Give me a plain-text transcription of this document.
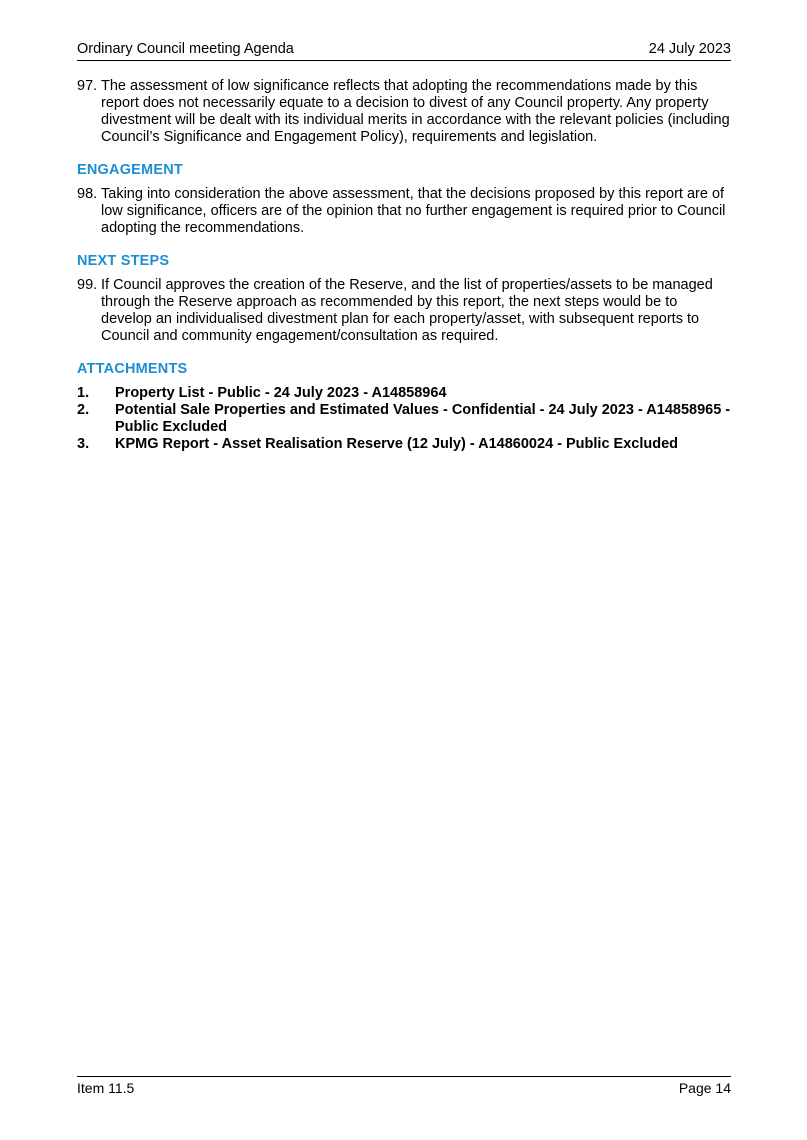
Ordinary Council meeting Agenda	24 July 2023
97. The assessment of low significance reflects that adopting the recommendations made by this report does not necessarily equate to a decision to divest of any Council property. Any property divestment will be dealt with its individual merits in accordance with the relevant policies (including Council’s Significance and Engagement Policy), requirements and legislation.
ENGAGEMENT
98. Taking into consideration the above assessment, that the decisions proposed by this report are of low significance, officers are of the opinion that no further engagement is required prior to Council adopting the recommendations.
NEXT STEPS
99. If Council approves the creation of the Reserve, and the list of properties/assets to be managed through the Reserve approach as recommended by this report, the next steps would be to develop an individualised divestment plan for each property/asset, with subsequent reports to Council and community engagement/consultation as required.
ATTACHMENTS
1. Property List - Public - 24 July 2023 - A14858964
2. Potential Sale Properties and Estimated Values - Confidential - 24 July 2023 - A14858965 - Public Excluded
3. KPMG Report - Asset Realisation Reserve (12 July) - A14860024 - Public Excluded
Item 11.5	Page 14
